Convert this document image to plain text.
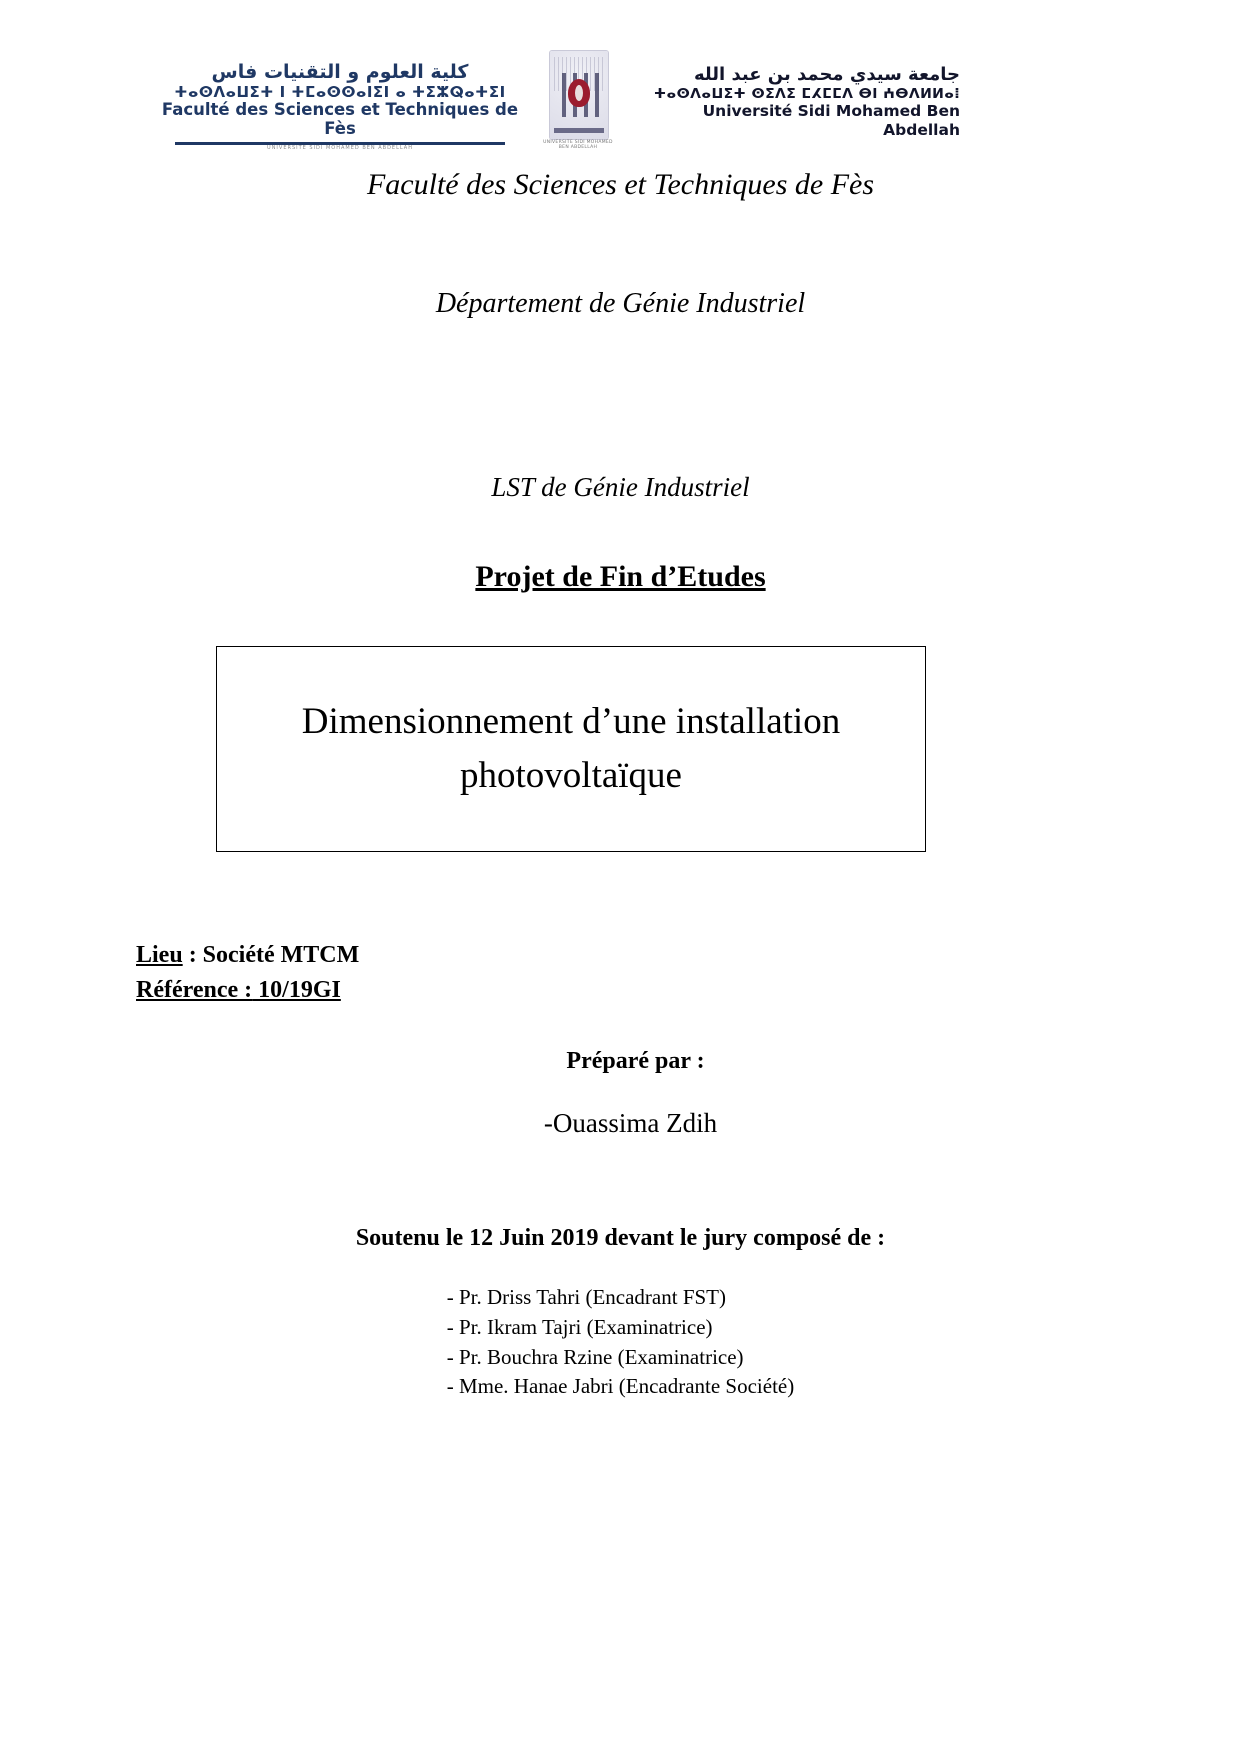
كلية العلوم و التقنيات فاس
ⵜⴰⵙⴷⴰⵡⵉⵜ ⵏ ⵜⵎⴰⵙⵙⴰⵏⵉⵏ ⴰ ⵜⵉⵣⵕⴰⵜⵉⵏ
Faculté des Sciences et Techniques de Fès
UNIVERSITE SIDI MOHAMED BEN ABDELLAH
UNIVERSITE SIDI MOHAMED BEN ABDELLAH
جامعة سيدي محمد بن عبد الله
ⵜⴰⵙⴷⴰⵡⵉⵜ ⵙⵉⴷⵉ ⵎⵃⵎⵎⴷ ⴱⵏ ⵄⴱⴷⵍⵍⴰⵂ
Université Sidi Mohamed Ben Abdellah
Faculté des Sciences et Techniques de Fès
Département de Génie Industriel
LST de Génie Industriel
Projet de Fin d’Etudes
Dimensionnement d’une installation photovoltaïque
Lieu : Société MTCM
Référence : 10/19GI
Préparé par :
-Ouassima Zdih
Soutenu le 12 Juin 2019 devant le jury composé de :
- Pr. Driss Tahri (Encadrant FST)
- Pr. Ikram Tajri (Examinatrice)
- Pr. Bouchra Rzine (Examinatrice)
- Mme. Hanae Jabri (Encadrante Société)
